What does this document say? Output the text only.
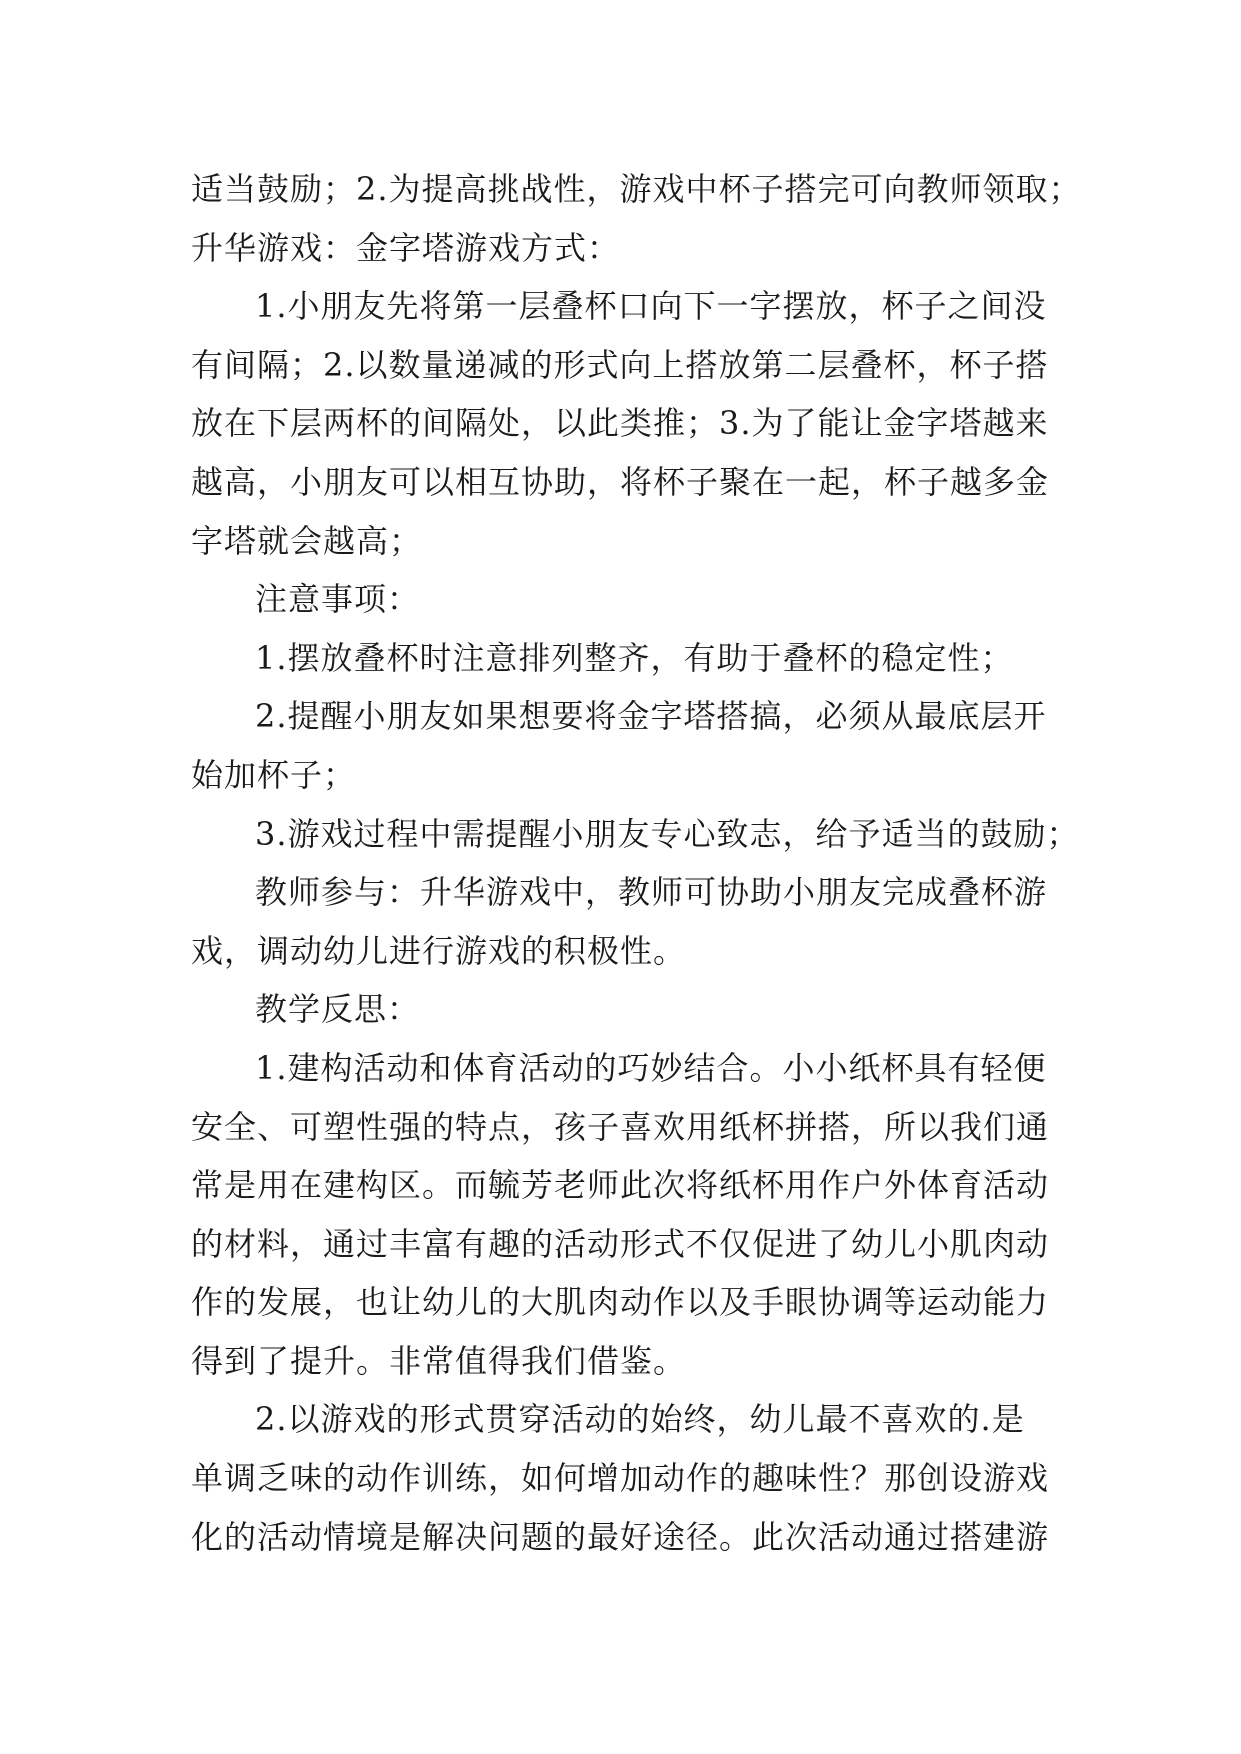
适当鼓励；2.为提高挑战性，游戏中杯子搭完可向教师领取；
升华游戏：金字塔游戏方式：
1.小朋友先将第一层叠杯口向下一字摆放，杯子之间没
有间隔；2.以数量递减的形式向上搭放第二层叠杯，杯子搭
放在下层两杯的间隔处，以此类推；3.为了能让金字塔越来
越高，小朋友可以相互协助，将杯子聚在一起，杯子越多金
字塔就会越高；
注意事项：
1.摆放叠杯时注意排列整齐，有助于叠杯的稳定性；
2.提醒小朋友如果想要将金字塔搭搞，必须从最底层开
始加杯子；
3.游戏过程中需提醒小朋友专心致志，给予适当的鼓励；
教师参与：升华游戏中，教师可协助小朋友完成叠杯游
戏，调动幼儿进行游戏的积极性。
教学反思：
1.建构活动和体育活动的巧妙结合。小小纸杯具有轻便
安全、可塑性强的特点，孩子喜欢用纸杯拼搭，所以我们通
常是用在建构区。而毓芳老师此次将纸杯用作户外体育活动
的材料，通过丰富有趣的活动形式不仅促进了幼儿小肌肉动
作的发展，也让幼儿的大肌肉动作以及手眼协调等运动能力
得到了提升。非常值得我们借鉴。
2.以游戏的形式贯穿活动的始终，幼儿最不喜欢的.是
单调乏味的动作训练，如何增加动作的趣味性？那创设游戏
化的活动情境是解决问题的最好途径。此次活动通过搭建游
